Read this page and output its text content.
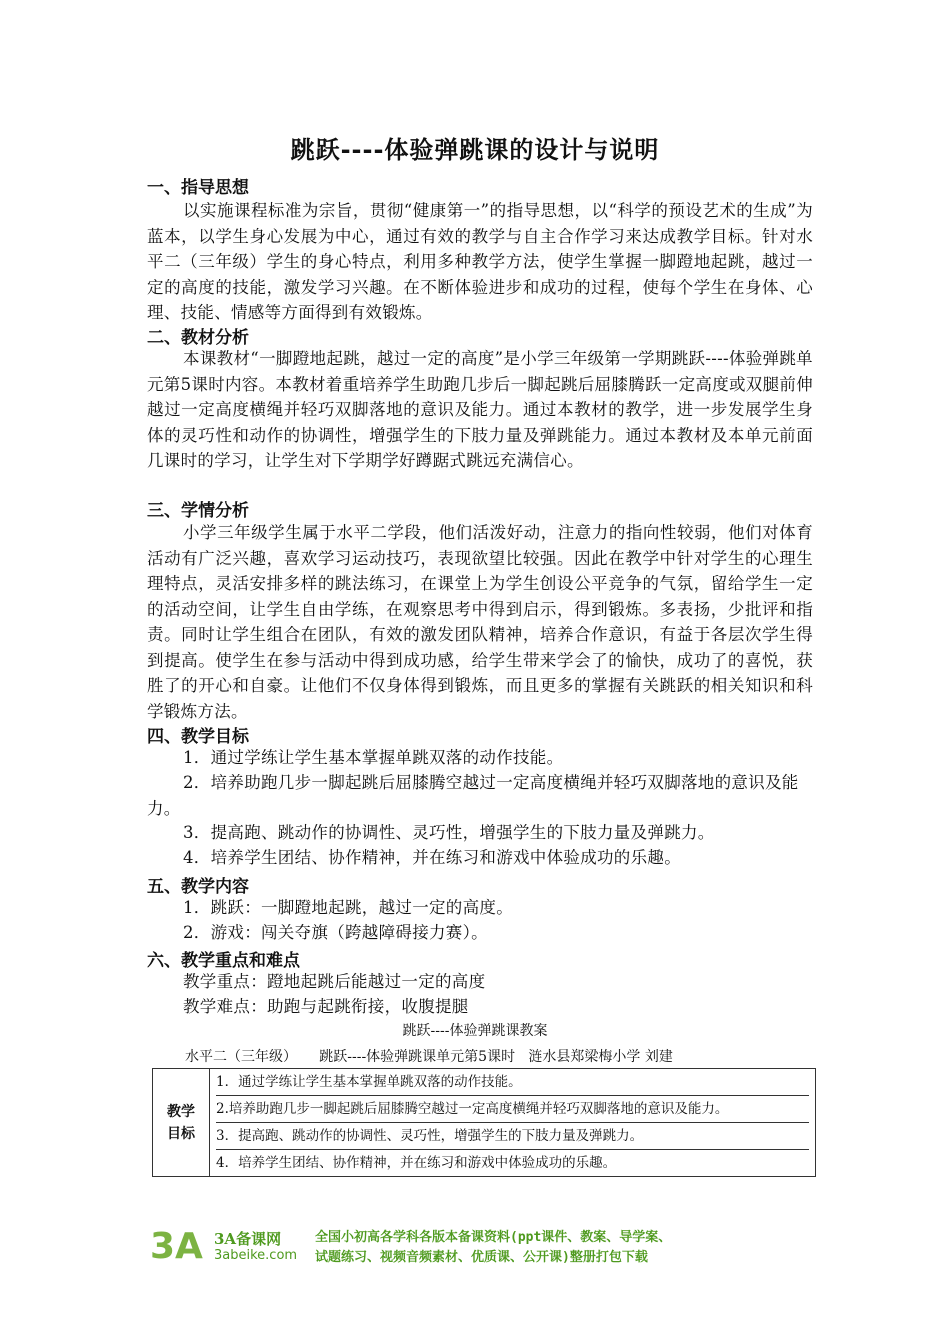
跳跃----体验弹跳课的设计与说明
一、指导思想

以实施课程标准为宗旨，贯彻“健康第一”的指导思想，以“科学的预设艺术的生成”为蓝本，以学生身心发展为中心，通过有效的教学与自主合作学习来达成教学目标。针对水平二（三年级）学生的身心特点，利用多种教学方法，使学生掌握一脚蹬地起跳，越过一定的高度的技能，激发学习兴趣。在不断体验进步和成功的过程，使每个学生在身体、心理、技能、情感等方面得到有效锻炼。

二、教材分析

本课教材“一脚蹬地起跳，越过一定的高度”是小学三年级第一学期跳跃----体验弹跳单元第5课时内容。本教材着重培养学生助跑几步后一脚起跳后屈膝腾跃一定高度或双腿前伸越过一定高度横绳并轻巧双脚落地的意识及能力。通过本教材的教学，进一步发展学生身体的灵巧性和动作的协调性，增强学生的下肢力量及弹跳能力。通过本教材及本单元前面几课时的学习，让学生对下学期学好蹲踞式跳远充满信心。

三、学情分析

小学三年级学生属于水平二学段，他们活泼好动，注意力的指向性较弱，他们对体育活动有广泛兴趣，喜欢学习运动技巧，表现欲望比较强。因此在教学中针对学生的心理生理特点，灵活安排多样的跳法练习，在课堂上为学生创设公平竞争的气氛，留给学生一定的活动空间，让学生自由学练，在观察思考中得到启示，得到锻炼。多表扬，少批评和指责。同时让学生组合在团队，有效的激发团队精神，培养合作意识，有益于各层次学生得到提高。使学生在参与活动中得到成功感，给学生带来学会了的愉快，成功了的喜悦，获胜了的开心和自豪。让他们不仅身体得到锻炼，而且更多的掌握有关跳跃的相关知识和科学锻炼方法。

四、教学目标

1．通过学练让学生基本掌握单跳双落的动作技能。

2．培养助跑几步一脚起跳后屈膝腾空越过一定高度横绳并轻巧双脚落地的意识及能力。

3．提高跑、跳动作的协调性、灵巧性，增强学生的下肢力量及弹跳力。

4．培养学生团结、协作精神，并在练习和游戏中体验成功的乐趣。

五、教学内容

1．跳跃：一脚蹬地起跳，越过一定的高度。

2．游戏：闯关夺旗（跨越障碍接力赛）。

六、教学重点和难点

教学重点：蹬地起跳后能越过一定的高度

教学难点：助跑与起跳衔接，收腹提腿

跳跃----体验弹跳课教案
水平二（三年级）     跳跃----体验弹跳课单元第5课时   涟水县郑梁梅小学 刘建
教学目标	
1．通过学练让学生基本掌握单跳双落的动作技能。
2.培养助跑几步一脚起跳后屈膝腾空越过一定高度横绳并轻巧双脚落地的意识及能力。
3．提高跑、跳动作的协调性、灵巧性，增强学生的下肢力量及弹跳力。
4．培养学生团结、协作精神，并在练习和游戏中体验成功的乐趣。
3A 3A备课网
3abeike.com
全国小初高各学科各版本备课资料(ppt课件、教案、导学案、
试题练习、视频音频素材、优质课、公开课)整册打包下载
